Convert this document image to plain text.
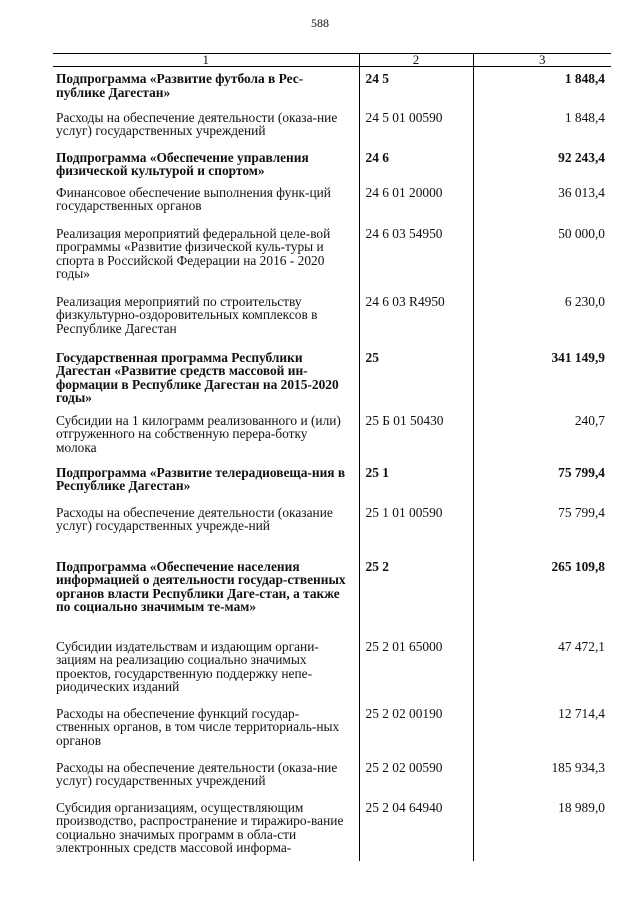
588
1	2	3
Подпрограмма «Развитие футбола в Рес-публике Дагестан»	24 5	1 848,4
Расходы на обеспечение деятельности (оказа-ние услуг) государственных учреждений	24 5 01 00590	1 848,4
Подпрограмма «Обеспечение управления физической культурой и спортом»	24 6	92 243,4
Финансовое обеспечение выполнения функ-ций государственных органов	24 6 01 20000	36 013,4
Реализация мероприятий федеральной целе-вой программы «Развитие физической куль-туры и спорта в Российской Федерации на 2016 - 2020 годы»	24 6 03 54950	50 000,0
Реализация мероприятий по строительству физкультурно-оздоровительных комплексов в Республике Дагестан	24 6 03 R4950	6 230,0
Государственная программа Республики Дагестан «Развитие средств массовой ин-формации в Республике Дагестан на 2015-2020 годы»	25	341 149,9
Субсидии на 1 килограмм реализованного и (или) отгруженного на собственную перера-ботку молока	25 Б 01 50430	240,7
Подпрограмма «Развитие телерадиовеща-ния в Республике Дагестан»	25 1	75 799,4
Расходы на обеспечение деятельности (оказание услуг) государственных учрежде-ний	25 1 01 00590	75 799,4
Подпрограмма «Обеспечение населения информацией о деятельности государ-ственных органов власти Республики Даге-стан, а также по социально значимым те-мам»	25 2	265 109,8
Субсидии издательствам и издающим органи-зациям на реализацию социально значимых проектов, государственную поддержку непе-риодических изданий	25 2 01 65000	47 472,1
Расходы на обеспечение функций государ-ственных органов, в том числе территориаль-ных органов	25 2 02 00190	12 714,4
Расходы на обеспечение деятельности (оказа-ние услуг) государственных учреждений	25 2 02 00590	185 934,3
Субсидия организациям, осуществляющим производство, распространение и тиражиро-вание социально значимых программ в обла-сти электронных средств массовой информа-	25 2 04 64940	18 989,0
